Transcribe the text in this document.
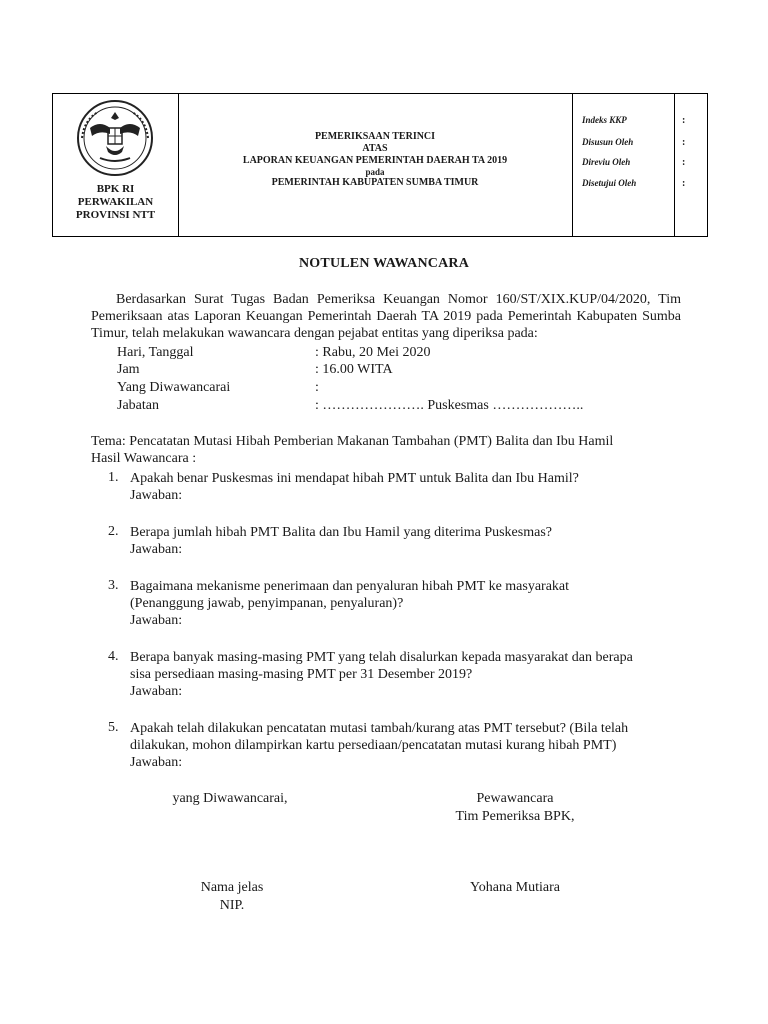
BPK RI
PERWAKILAN
PROVINSI NTT
PEMERIKSAAN TERINCI
ATAS
LAPORAN KEUANGAN PEMERINTAH DAERAH TA 2019
pada
PEMERINTAH KABUPATEN SUMBA TIMUR
Indeks KKP	:
Disusun Oleh	:
Direviu Oleh	:
Disetujui Oleh	:
NOTULEN WAWANCARA
Berdasarkan Surat Tugas Badan Pemeriksa Keuangan Nomor 160/ST/XIX.KUP/04/2020, Tim Pemeriksaan atas Laporan Keuangan Pemerintah Daerah TA 2019 pada Pemerintah Kabupaten Sumba Timur, telah melakukan wawancara dengan pejabat entitas yang diperiksa pada:
Hari, Tanggal	: Rabu, 20 Mei 2020
Jam	: 16.00 WITA
Yang Diwawancarai	:
Jabatan	: …………………. Puskesmas ………………..
Tema: Pencatatan Mutasi Hibah Pemberian Makanan Tambahan (PMT) Balita dan Ibu Hamil
Hasil Wawancara :
1. Apakah benar Puskesmas ini mendapat hibah PMT untuk Balita dan Ibu Hamil?
Jawaban:
2. Berapa jumlah hibah PMT Balita dan Ibu Hamil yang diterima Puskesmas?
Jawaban:
3. Bagaimana mekanisme penerimaan dan penyaluran hibah PMT ke masyarakat
(Penanggung jawab, penyimpanan, penyaluran)?
Jawaban:
4. Berapa banyak masing-masing PMT yang telah disalurkan kepada masyarakat dan berapa
sisa persediaan masing-masing PMT per 31 Desember 2019?
Jawaban:
5. Apakah telah dilakukan pencatatan mutasi tambah/kurang atas PMT tersebut? (Bila telah
dilakukan, mohon dilampirkan kartu persediaan/pencatatan mutasi kurang hibah PMT)
Jawaban:
yang Diwawancarai,	Pewawancara
Tim Pemeriksa BPK,
Nama jelas
NIP.
Yohana Mutiara
